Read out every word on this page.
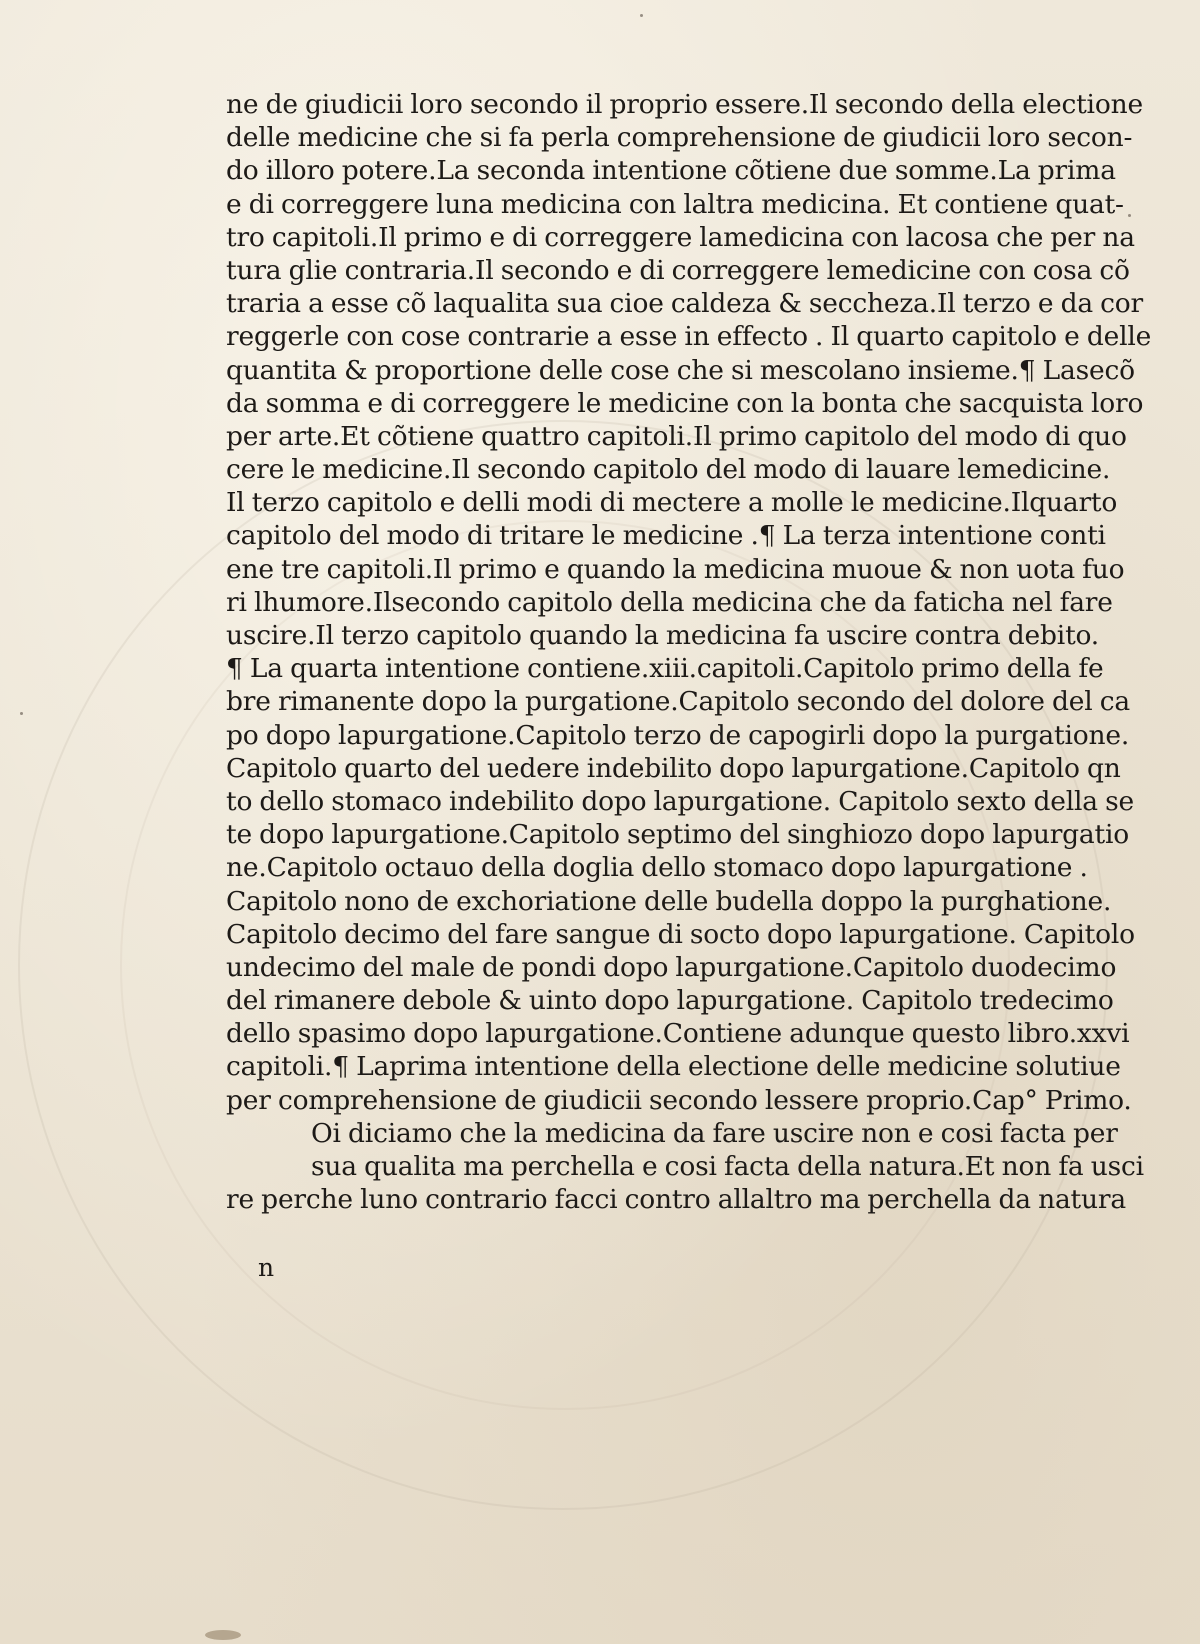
ne de giudicii loro secondo il proprio essere.Il secondo della electione
delle medicine che si fa perla comprehensione de giudicii loro secon-
do illoro potere.La seconda intentione cõtiene due somme.La prima
e di correggere luna medicina con laltra medicina. Et contiene quat-
tro capitoli.Il primo e di correggere lamedicina con lacosa che per na
tura glie contraria.Il secondo e di correggere lemedicine con cosa cõ
traria a esse cõ laqualita sua cioe caldeza & seccheza.Il terzo e da cor
reggerle con cose contrarie a esse in effecto . Il quarto capitolo e delle
quantita & proportione delle cose che si mescolano insieme.¶ Lasecõ
da somma e di correggere le medicine con la bonta che sacquista loro
per arte.Et cõtiene quattro capitoli.Il primo capitolo del modo di quo
cere le medicine.Il secondo capitolo del modo di lauare lemedicine.
Il terzo capitolo e delli modi di mectere a molle le medicine.Ilquarto
capitolo del modo di tritare le medicine .¶ La terza intentione conti
ene tre capitoli.Il primo e quando la medicina muoue & non uota fuo
ri lhumore.Ilsecondo capitolo della medicina che da faticha nel fare
uscire.Il terzo capitolo quando la medicina fa uscire contra debito.
¶ La quarta intentione contiene.xiii.capitoli.Capitolo primo della fe
bre rimanente dopo la purgatione.Capitolo secondo del dolore del ca
po dopo lapurgatione.Capitolo terzo de capogirli dopo la purgatione.
Capitolo quarto del uedere indebilito dopo lapurgatione.Capitolo qn
to dello stomaco indebilito dopo lapurgatione. Capitolo sexto della se
te dopo lapurgatione.Capitolo septimo del singhiozo dopo lapurgatio
ne.Capitolo octauo della doglia dello stomaco dopo lapurgatione .
Capitolo nono de exchoriatione delle budella doppo la purghatione.
Capitolo decimo del fare sangue di socto dopo lapurgatione. Capitolo
undecimo del male de pondi dopo lapurgatione.Capitolo duodecimo
del rimanere debole & uinto dopo lapurgatione. Capitolo tredecimo
dello spasimo dopo lapurgatione.Contiene adunque questo libro.xxvi
capitoli.¶ Laprima intentione della electione delle medicine solutiue
per comprehensione de giudicii secondo lessere proprio.Cap° Primo.
Oi diciamo che la medicina da fare uscire non e cosi facta per
sua qualita ma perchella e cosi facta della natura.Et non fa usci
re perche luno contrario facci contro allaltro ma perchella da natura
n
